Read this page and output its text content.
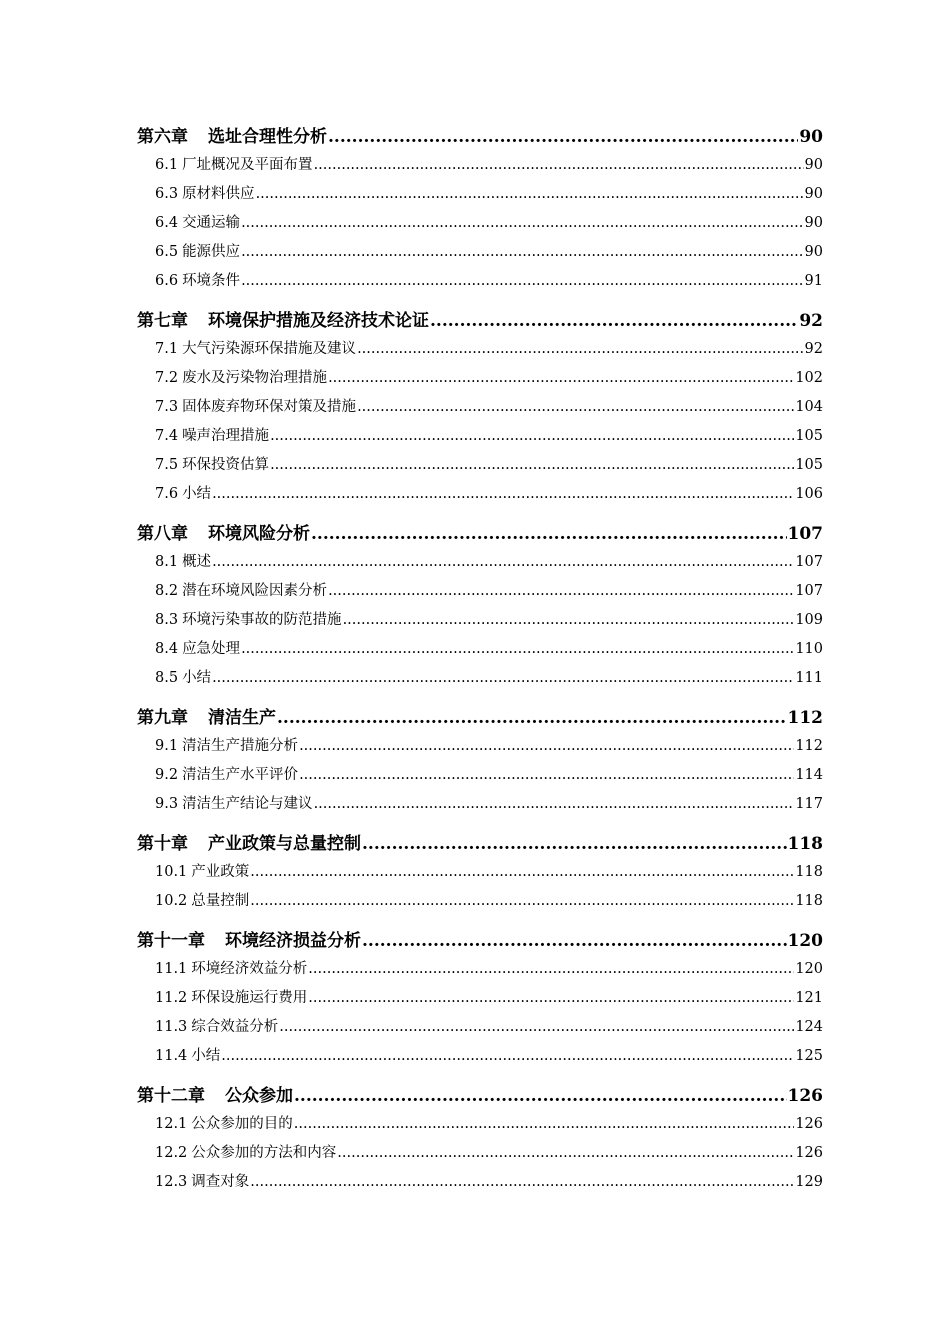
第六章 选址合理性分析 .....	90
6.1 厂址概况及平面布置 .....	90
6.3 原材料供应 .....	90
6.4 交通运输 .....	90
6.5 能源供应 .....	90
6.6 环境条件 .....	91
第七章 环境保护措施及经济技术论证 .....	92
7.1 大气污染源环保措施及建议 .....	92
7.2 废水及污染物治理措施 .....	102
7.3 固体废弃物环保对策及措施 .....	104
7.4 噪声治理措施 .....	105
7.5 环保投资估算 .....	105
7.6 小结 .....	106
第八章 环境风险分析 .....	107
8.1 概述 .....	107
8.2 潜在环境风险因素分析 .....	107
8.3 环境污染事故的防范措施 .....	109
8.4 应急处理 .....	110
8.5 小结 .....	111
第九章 清洁生产 .....	112
9.1 清洁生产措施分析 .....	112
9.2 清洁生产水平评价 .....	114
9.3 清洁生产结论与建议 .....	117
第十章 产业政策与总量控制 .....	118
10.1 产业政策 .....	118
10.2 总量控制 .....	118
第十一章 环境经济损益分析 .....	120
11.1 环境经济效益分析 .....	120
11.2 环保设施运行费用 .....	121
11.3 综合效益分析 .....	124
11.4 小结 .....	125
第十二章 公众参加 .....	126
12.1 公众参加的目的 .....	126
12.2 公众参加的方法和内容 .....	126
12.3 调查对象 .....	129
